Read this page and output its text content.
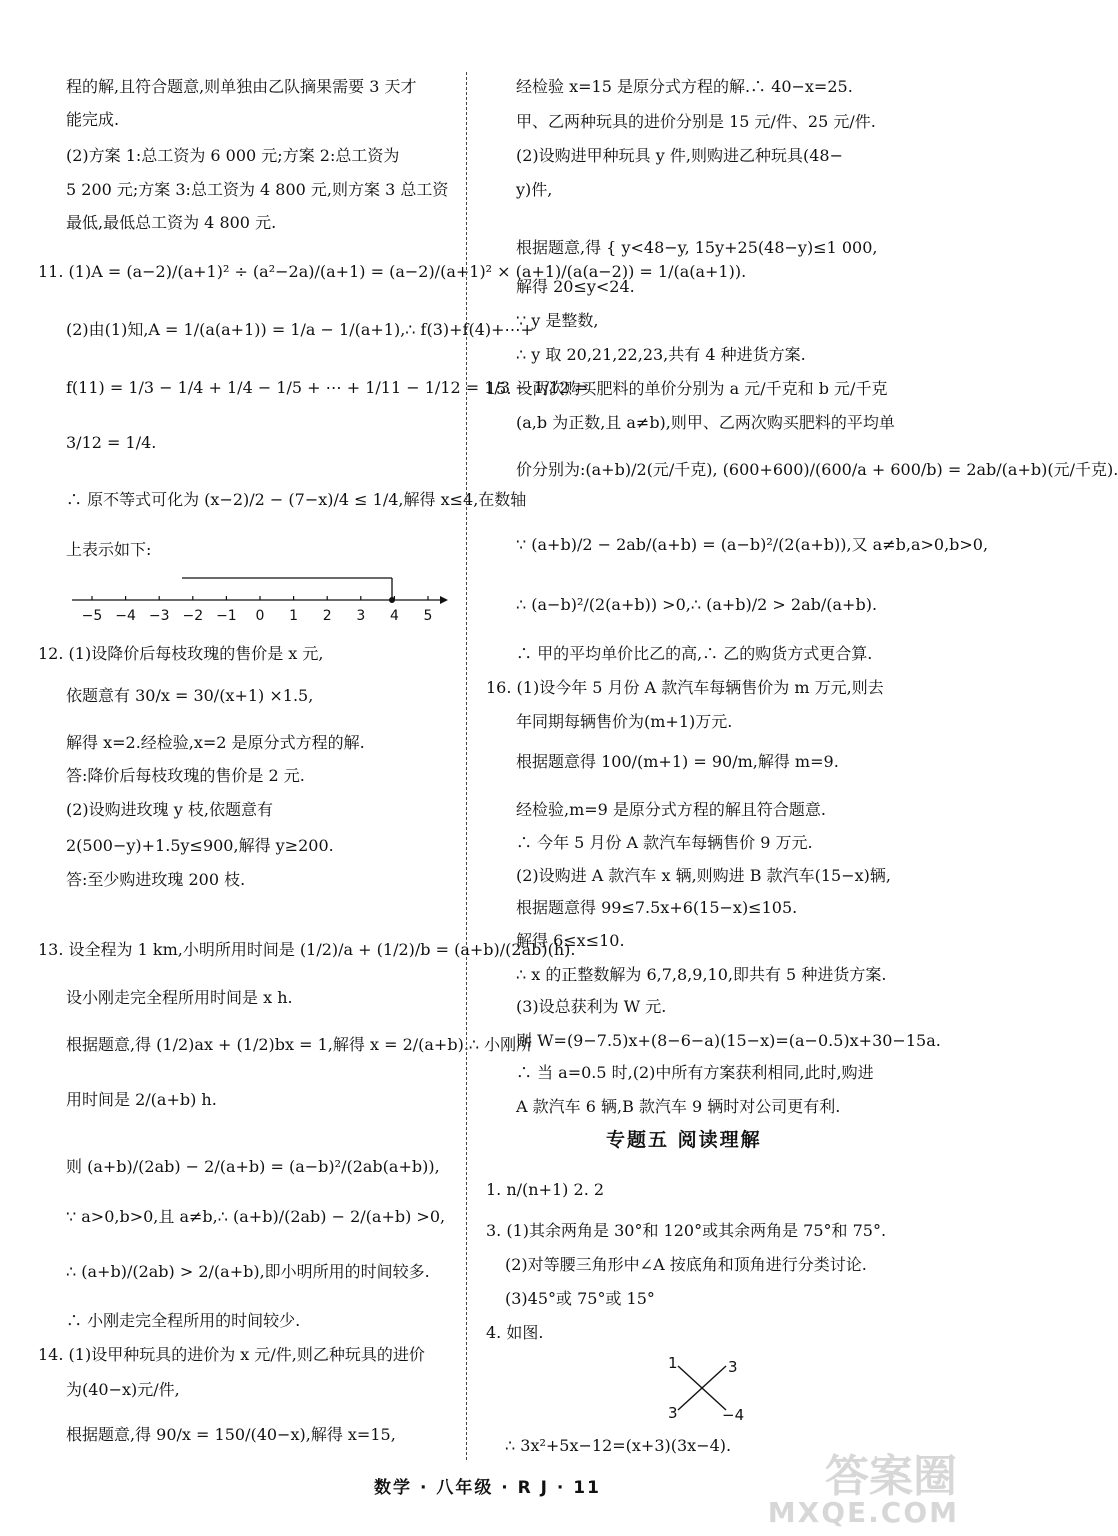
程的解,且符合题意,则单独由乙队摘果需要 3 天才
能完成.
(2)方案 1:总工资为 6 000 元;方案 2:总工资为
5 200 元;方案 3:总工资为 4 800 元,则方案 3 总工资
最低,最低总工资为 4 800 元.
11. (1)A = (a−2)/(a+1)² ÷ (a²−2a)/(a+1) = (a−2)/(a+1)² × (a+1)/(a(a−2)) = 1/(a(a+1)).
(2)由(1)知,A = 1/(a(a+1)) = 1/a − 1/(a+1),∴ f(3)+f(4)+⋯+
f(11) = 1/3 − 1/4 + 1/4 − 1/5 + ⋯ + 1/11 − 1/12 = 1/3 − 1/12 =
3/12 = 1/4.
∴ 原不等式可化为 (x−2)/2 − (7−x)/4 ≤ 1/4,解得 x≤4,在数轴
上表示如下:
−5 −4 −3 −2 −1 0 1 2 3 4 5
12. (1)设降价后每枝玫瑰的售价是 x 元,
依题意有 30/x = 30/(x+1) ×1.5,
解得 x=2.经检验,x=2 是原分式方程的解.
答:降价后每枝玫瑰的售价是 2 元.
(2)设购进玫瑰 y 枝,依题意有
2(500−y)+1.5y≤900,解得 y≥200.
答:至少购进玫瑰 200 枝.
13. 设全程为 1 km,小明所用时间是 (1/2)/a + (1/2)/b = (a+b)/(2ab)(h).
设小刚走完全程所用时间是 x h.
根据题意,得 (1/2)ax + (1/2)bx = 1,解得 x = 2/(a+b).∴ 小刚所
用时间是 2/(a+b) h.
则 (a+b)/(2ab) − 2/(a+b) = (a−b)²/(2ab(a+b)),
∵ a>0,b>0,且 a≠b,∴ (a+b)/(2ab) − 2/(a+b) >0,
∴ (a+b)/(2ab) > 2/(a+b),即小明所用的时间较多.
∴ 小刚走完全程所用的时间较少.
14. (1)设甲种玩具的进价为 x 元/件,则乙种玩具的进价
为(40−x)元/件,
根据题意,得 90/x = 150/(40−x),解得 x=15,
经检验 x=15 是原分式方程的解.∴ 40−x=25.
甲、乙两种玩具的进价分别是 15 元/件、25 元/件.
(2)设购进甲种玩具 y 件,则购进乙种玩具(48−
y)件,
根据题意,得 { y<48−y, 15y+25(48−y)≤1 000,
解得 20≤y<24.
∵ y 是整数,
∴ y 取 20,21,22,23,共有 4 种进货方案.
15. 设两次购买肥料的单价分别为 a 元/千克和 b 元/千克
(a,b 为正数,且 a≠b),则甲、乙两次购买肥料的平均单
价分别为:(a+b)/2(元/千克), (600+600)/(600/a + 600/b) = 2ab/(a+b)(元/千克).
∵ (a+b)/2 − 2ab/(a+b) = (a−b)²/(2(a+b)),又 a≠b,a>0,b>0,
∴ (a−b)²/(2(a+b)) >0,∴ (a+b)/2 > 2ab/(a+b).
∴ 甲的平均单价比乙的高,∴ 乙的购货方式更合算.
16. (1)设今年 5 月份 A 款汽车每辆售价为 m 万元,则去
年同期每辆售价为(m+1)万元.
根据题意得 100/(m+1) = 90/m,解得 m=9.
经检验,m=9 是原分式方程的解且符合题意.
∴ 今年 5 月份 A 款汽车每辆售价 9 万元.
(2)设购进 A 款汽车 x 辆,则购进 B 款汽车(15−x)辆,
根据题意得 99≤7.5x+6(15−x)≤105.
解得 6≤x≤10.
∴ x 的正整数解为 6,7,8,9,10,即共有 5 种进货方案.
(3)设总获利为 W 元.
则 W=(9−7.5)x+(8−6−a)(15−x)=(a−0.5)x+30−15a.
∴ 当 a=0.5 时,(2)中所有方案获利相同,此时,购进
A 款汽车 6 辆,B 款汽车 9 辆时对公司更有利.
专题五 阅读理解
1. n/(n+1) 2. 2
3. (1)其余两角是 30°和 120°或其余两角是 75°和 75°.
(2)对等腰三角形中∠A 按底角和顶角进行分类讨论.
(3)45°或 75°或 15°
4. 如图.
1	3
3	−4
∴ 3x²+5x−12=(x+3)(3x−4).
数学 · 八年级 · R J · 11	答案圈
MXQE.COM
